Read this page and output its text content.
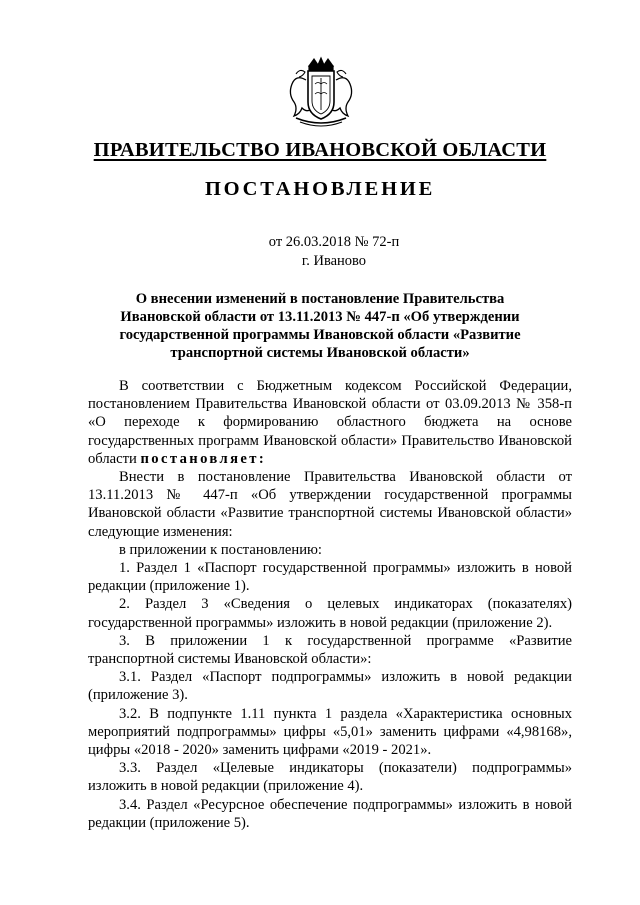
ПРАВИТЕЛЬСТВО ИВАНОВСКОЙ ОБЛАСТИ
ПОСТАНОВЛЕНИЕ
от 26.03.2018 № 72-п
г. Иваново
О внесении изменений в постановление Правительства
Ивановской области от 13.11.2013 № 447-п «Об утверждении
государственной программы Ивановской области «Развитие
транспортной системы Ивановской области»

В соответствии с Бюджетным кодексом Российской Федерации, постановлением Правительства Ивановской области от 03.09.2013 № 358-п «О переходе к формированию областного бюджета на основе государственных программ Ивановской области» Правительство Ивановской области постановляет:

Внести в постановление Правительства Ивановской области от 13.11.2013 № 447-п «Об утверждении государственной программы Ивановской области «Развитие транспортной системы Ивановской области» следующие изменения:

в приложении к постановлению:

1. Раздел 1 «Паспорт государственной программы» изложить в новой редакции (приложение 1).

2. Раздел 3 «Сведения о целевых индикаторах (показателях) государственной программы» изложить в новой редакции (приложение 2).

3. В приложении 1 к государственной программе «Развитие транспортной системы Ивановской области»:

3.1. Раздел «Паспорт подпрограммы» изложить в новой редакции (приложение 3).

3.2. В подпункте 1.11 пункта 1 раздела «Характеристика основных мероприятий подпрограммы» цифры «5,01» заменить цифрами «4,98168», цифры «2018 - 2020» заменить цифрами «2019 - 2021».

3.3. Раздел «Целевые индикаторы (показатели) подпрограммы» изложить в новой редакции (приложение 4).

3.4. Раздел «Ресурсное обеспечение подпрограммы» изложить в новой редакции (приложение 5).
